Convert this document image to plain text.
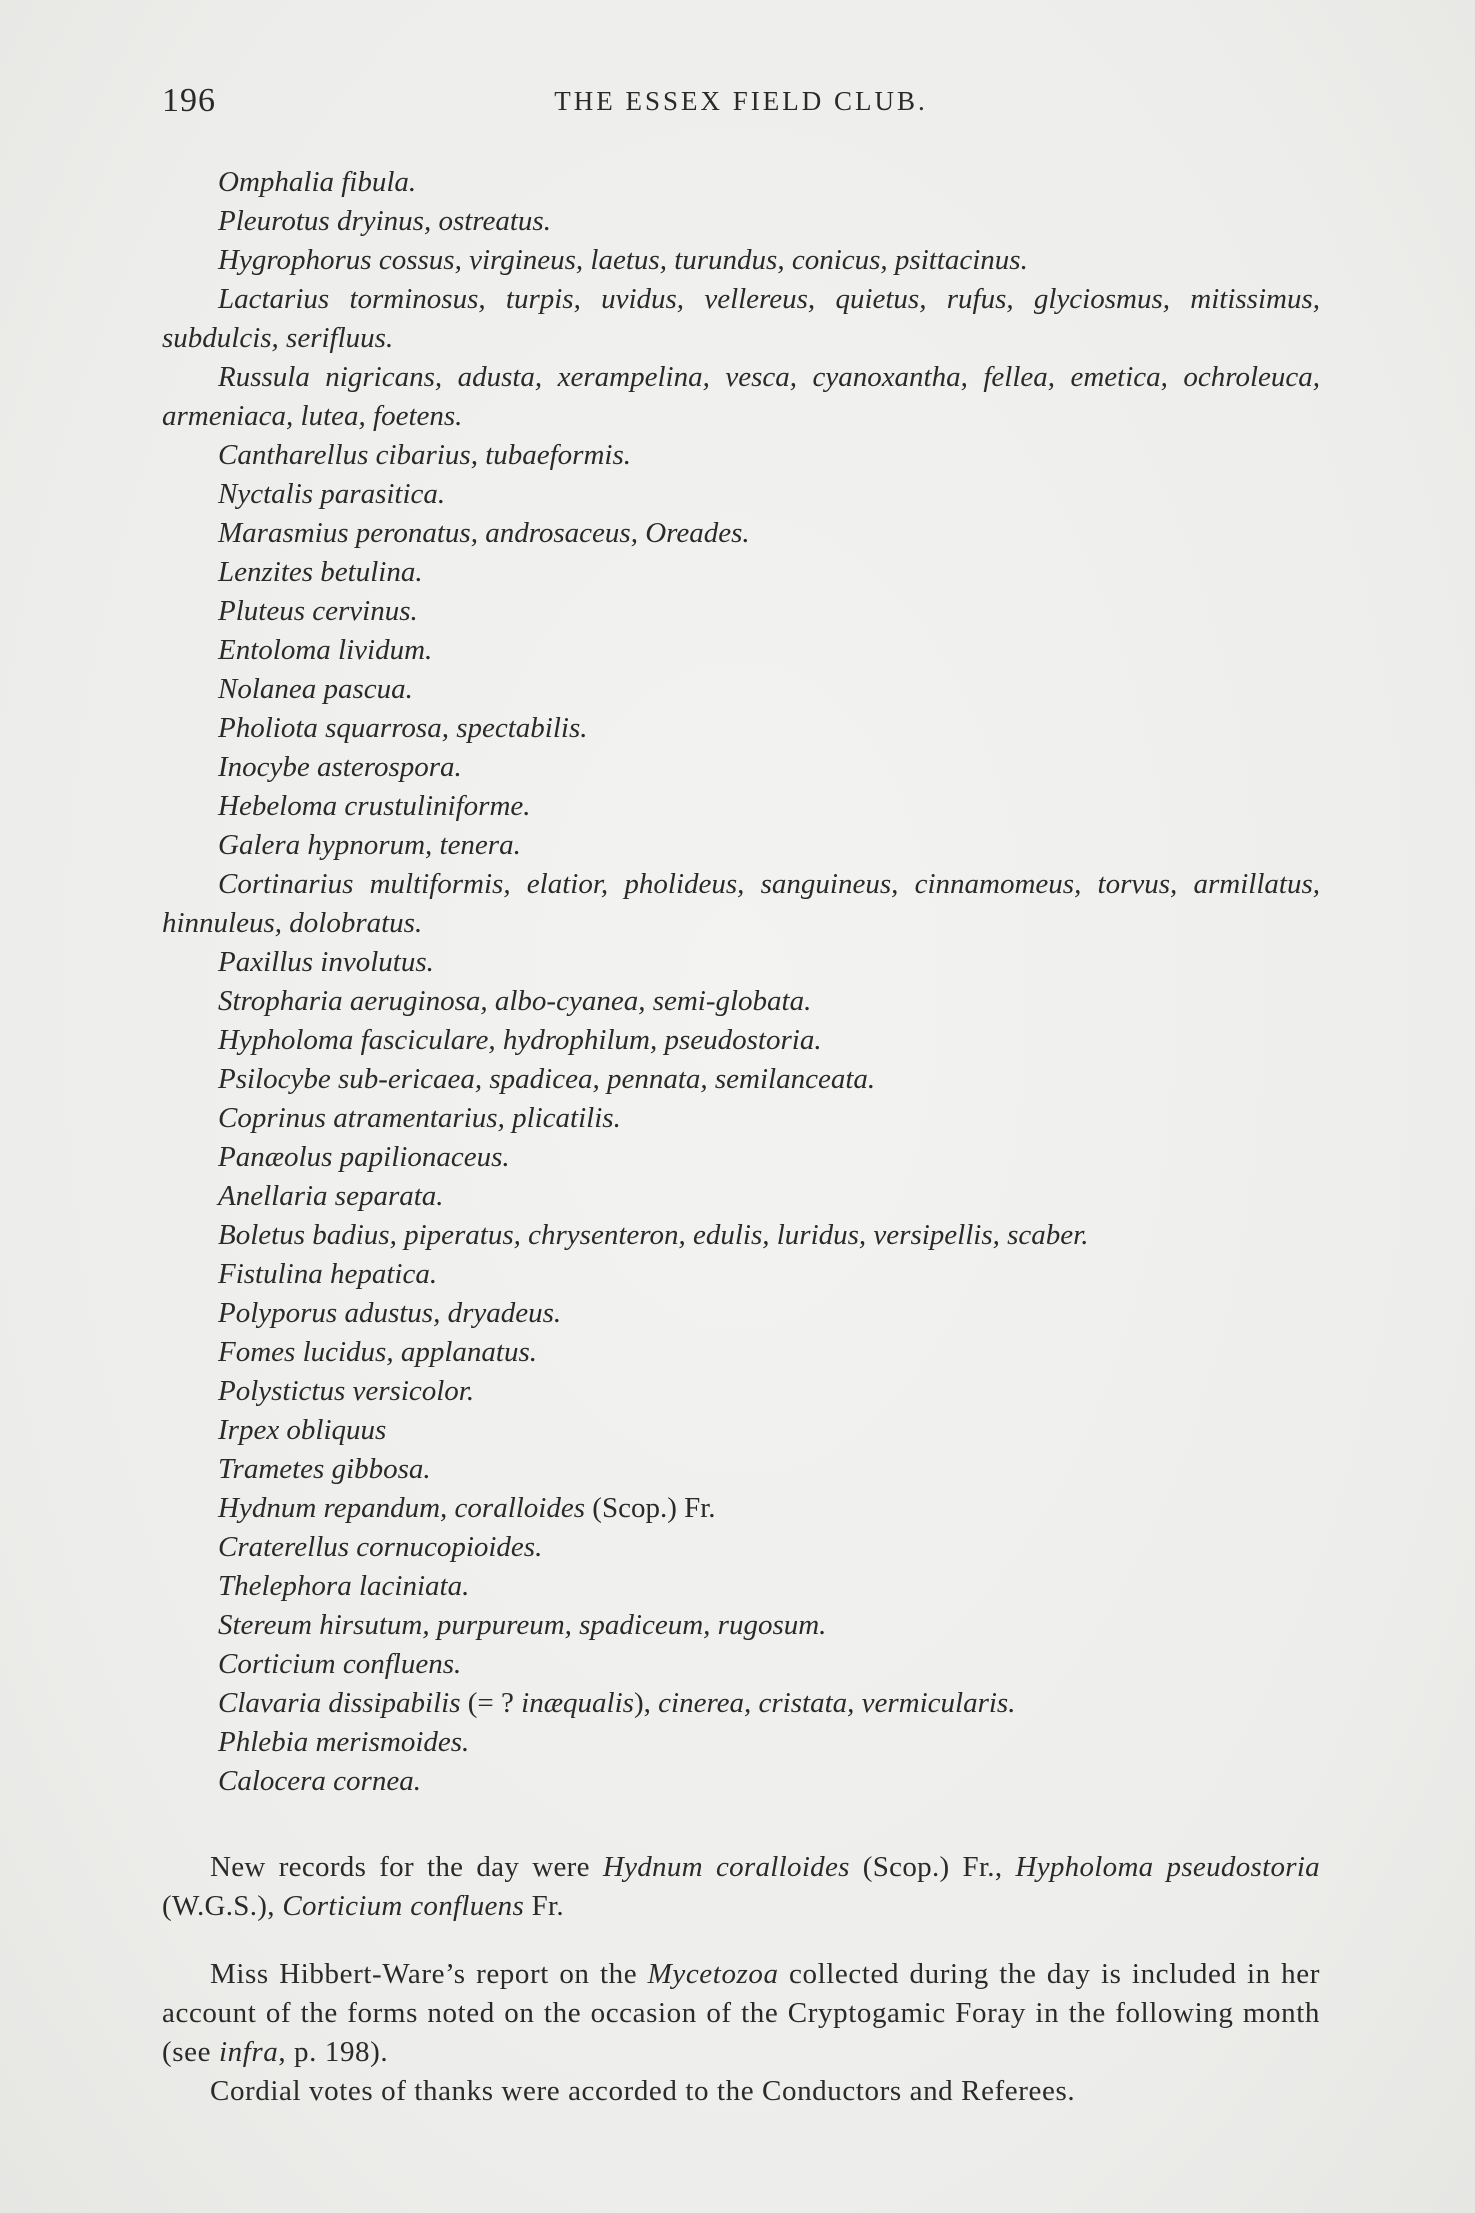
196	THE ESSEX FIELD CLUB.
Omphalia fibula.
Pleurotus dryinus, ostreatus.
Hygrophorus cossus, virgineus, laetus, turundus, conicus, psittacinus.
Lactarius torminosus, turpis, uvidus, vellereus, quietus, rufus, glyciosmus, mitissimus, subdulcis, serifluus.
Russula nigricans, adusta, xerampelina, vesca, cyanoxantha, fellea, emetica, ochroleuca, armeniaca, lutea, foetens.
Cantharellus cibarius, tubaeformis.
Nyctalis parasitica.
Marasmius peronatus, androsaceus, Oreades.
Lenzites betulina.
Pluteus cervinus.
Entoloma lividum.
Nolanea pascua.
Pholiota squarrosa, spectabilis.
Inocybe asterospora.
Hebeloma crustuliniforme.
Galera hypnorum, tenera.
Cortinarius multiformis, elatior, pholideus, sanguineus, cinnamomeus, torvus, armillatus, hinnuleus, dolobratus.
Paxillus involutus.
Stropharia aeruginosa, albo-cyanea, semi-globata.
Hypholoma fasciculare, hydrophilum, pseudostoria.
Psilocybe sub-ericaea, spadicea, pennata, semilanceata.
Coprinus atramentarius, plicatilis.
Panæolus papilionaceus.
Anellaria separata.
Boletus badius, piperatus, chrysenteron, edulis, luridus, versipellis, scaber.
Fistulina hepatica.
Polyporus adustus, dryadeus.
Fomes lucidus, applanatus.
Polystictus versicolor.
Irpex obliquus
Trametes gibbosa.
Hydnum repandum, coralloides (Scop.) Fr.
Craterellus cornucopioides.
Thelephora laciniata.
Stereum hirsutum, purpureum, spadiceum, rugosum.
Corticium confluens.
Clavaria dissipabilis (= ? inæqualis), cinerea, cristata, vermicularis.
Phlebia merismoides.
Calocera cornea.
New records for the day were Hydnum coralloides (Scop.) Fr., Hypholoma pseudostoria (W.G.S.), Corticium confluens Fr.

Miss Hibbert-Ware’s report on the Mycetozoa collected during the day is included in her account of the forms noted on the occasion of the Cryptogamic Foray in the following month (see infra, p. 198).

Cordial votes of thanks were accorded to the Conductors and Referees.
